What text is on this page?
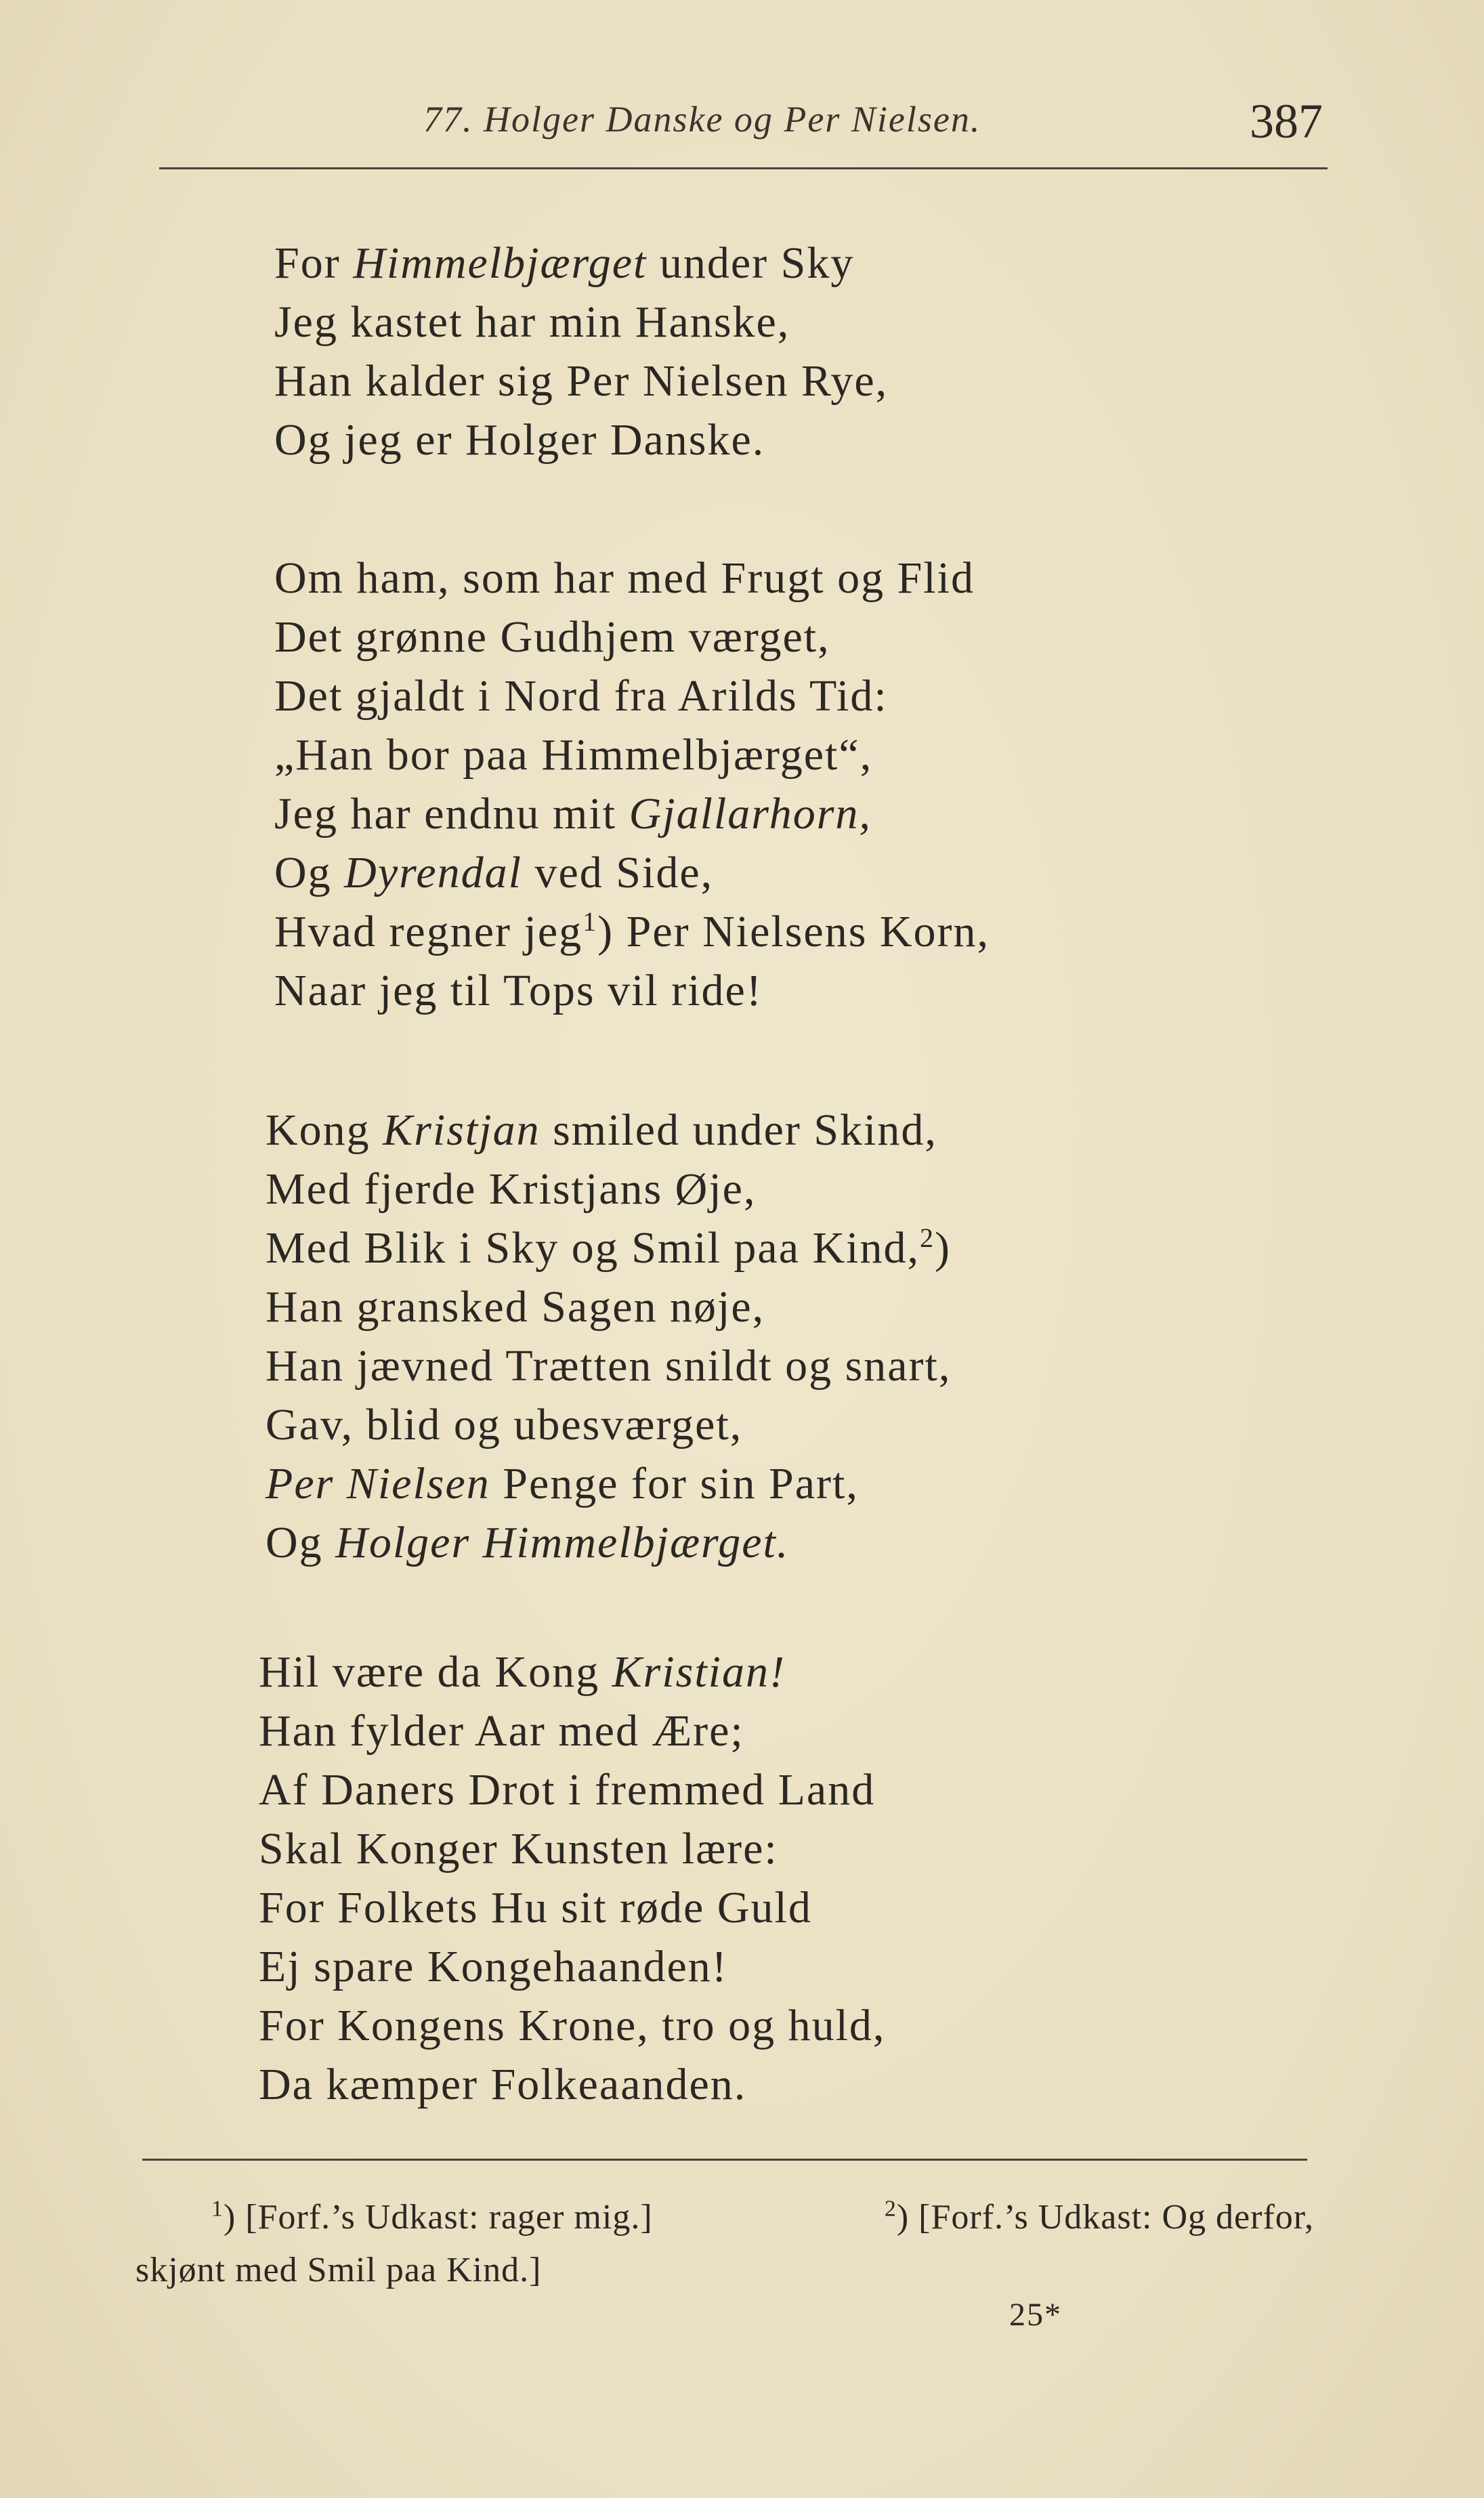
77. Holger Danske og Per Nielsen.	387
For Himmelbjærget under Sky
Jeg kastet har min Hanske,
Han kalder sig Per Nielsen Rye,
Og jeg er Holger Danske.
Om ham, som har med Frugt og Flid
Det grønne Gudhjem værget,
Det gjaldt i Nord fra Arilds Tid:
„Han bor paa Himmelbjærget“,
Jeg har endnu mit Gjallarhorn,
Og Dyrendal ved Side,
Hvad regner jeg$^1$) Per Nielsens Korn,
Naar jeg til Tops vil ride!
Kong Kristjan smiled under Skind,
Med fjerde Kristjans Øje,
Med Blik i Sky og Smil paa Kind,$^2$)
Han gransked Sagen nøje,
Han jævned Trætten snildt og snart,
Gav, blid og ubesværget,
Per Nielsen Penge for sin Part,
Og Holger Himmelbjærget.
Hil være da Kong Kristian!
Han fylder Aar med Ære;
Af Daners Drot i fremmed Land
Skal Konger Kunsten lære:
For Folkets Hu sit røde Guld
Ej spare Kongehaanden!
For Kongens Krone, tro og huld,
Da kæmper Folkeaanden.
$^1$) [Forf.’s Udkast: rager mig.]	$^2$) [Forf.’s Udkast: Og derfor,
skjønt med Smil paa Kind.]
25*
